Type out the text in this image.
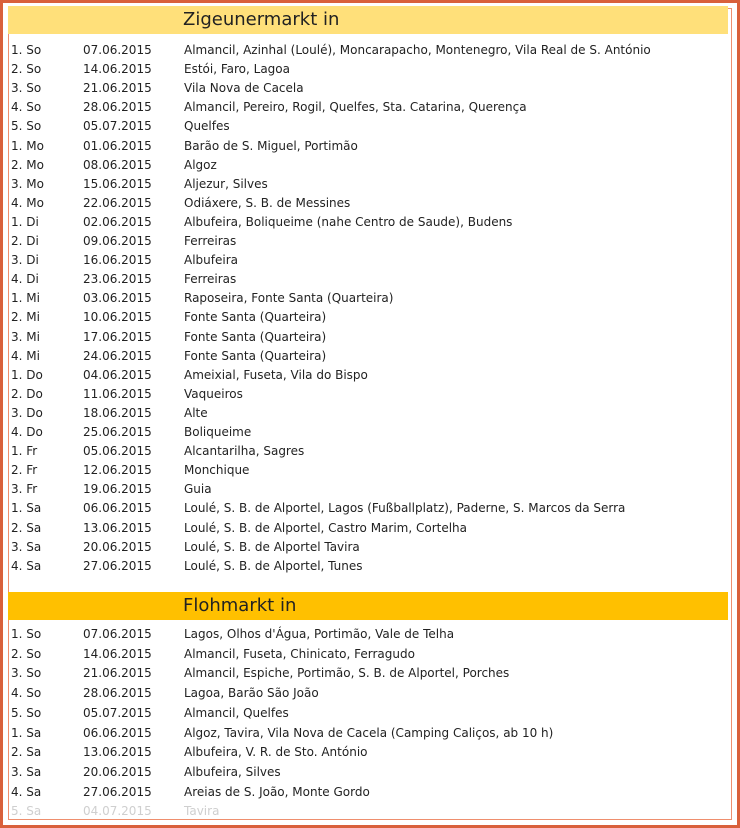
Zigeunermarkt in
1. So	07.06.2015	Almancil, Azinhal (Loulé), Moncarapacho, Montenegro, Vila Real de S. António
2. So	14.06.2015	Estói, Faro, Lagoa
3. So	21.06.2015	Vila Nova de Cacela
4. So	28.06.2015	Almancil, Pereiro, Rogil, Quelfes, Sta. Catarina, Querença
5. So	05.07.2015	Quelfes
1. Mo	01.06.2015	Barão de S. Miguel, Portimão
2. Mo	08.06.2015	Algoz
3. Mo	15.06.2015	Aljezur, Silves
4. Mo	22.06.2015	Odiáxere, S. B. de Messines
1. Di	02.06.2015	Albufeira, Boliqueime (nahe Centro de Saude), Budens
2. Di	09.06.2015	Ferreiras
3. Di	16.06.2015	Albufeira
4. Di	23.06.2015	Ferreiras
1. Mi	03.06.2015	Raposeira, Fonte Santa (Quarteira)
2. Mi	10.06.2015	Fonte Santa (Quarteira)
3. Mi	17.06.2015	Fonte Santa (Quarteira)
4. Mi	24.06.2015	Fonte Santa (Quarteira)
1. Do	04.06.2015	Ameixial, Fuseta, Vila do Bispo
2. Do	11.06.2015	Vaqueiros
3. Do	18.06.2015	Alte
4. Do	25.06.2015	Boliqueime
1. Fr	05.06.2015	Alcantarilha, Sagres
2. Fr	12.06.2015	Monchique
3. Fr	19.06.2015	Guia
1. Sa	06.06.2015	Loulé, S. B. de Alportel, Lagos (Fußballplatz), Paderne, S. Marcos da Serra
2. Sa	13.06.2015	Loulé, S. B. de Alportel, Castro Marim, Cortelha
3. Sa	20.06.2015	Loulé, S. B. de Alportel Tavira
4. Sa	27.06.2015	Loulé, S. B. de Alportel, Tunes
Flohmarkt in
1. So	07.06.2015	Lagos, Olhos d'Água, Portimão, Vale de Telha
2. So	14.06.2015	Almancil, Fuseta, Chinicato, Ferragudo
3. So	21.06.2015	Almancil, Espiche, Portimão, S. B. de Alportel, Porches
4. So	28.06.2015	Lagoa, Barão São João
5. So	05.07.2015	Almancil, Quelfes
1. Sa	06.06.2015	Algoz, Tavira, Vila Nova de Cacela (Camping Caliços, ab 10 h)
2. Sa	13.06.2015	Albufeira, V. R. de Sto. António
3. Sa	20.06.2015	Albufeira, Silves
4. Sa	27.06.2015	Areias de S. João, Monte Gordo
5. Sa	04.07.2015	Tavira
